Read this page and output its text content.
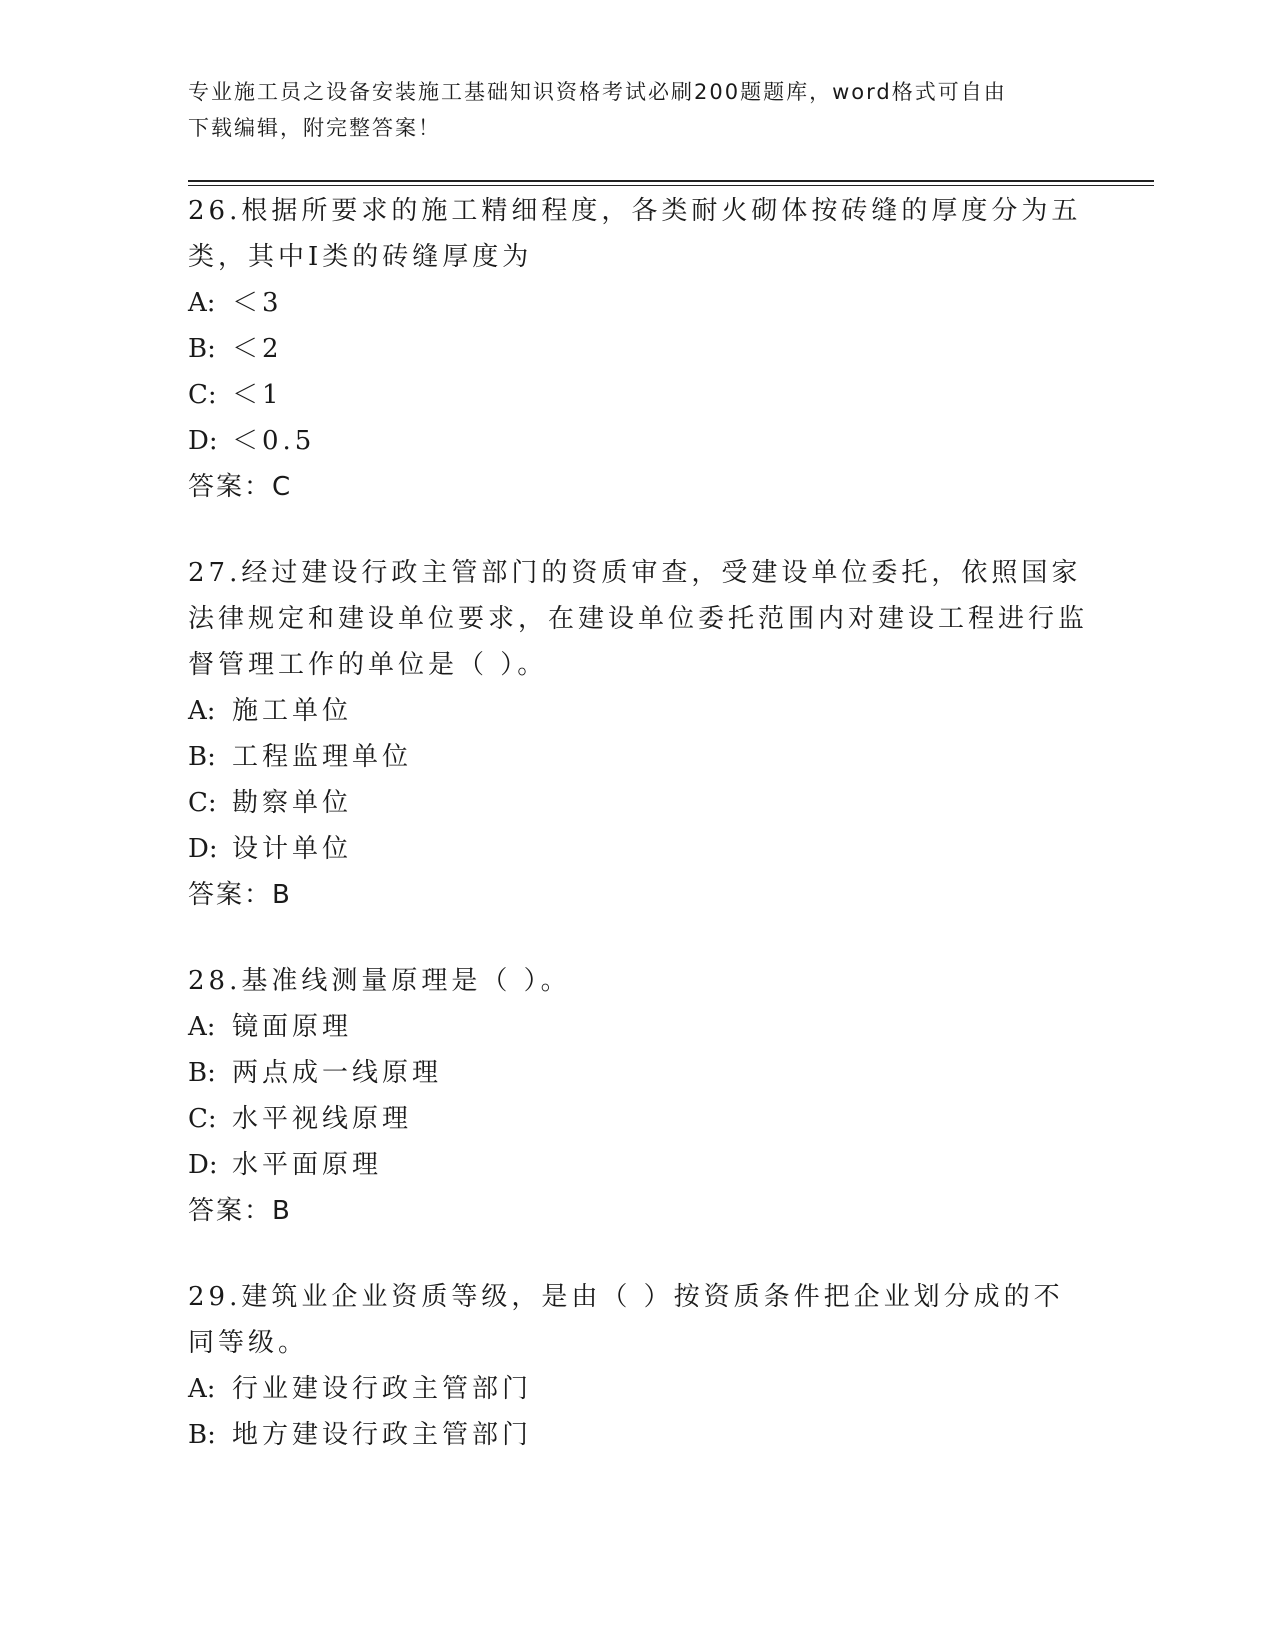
专业施工员之设备安装施工基础知识资格考试必刷200题题库，word格式可自由
下载编辑，附完整答案！
26.根据所要求的施工精细程度，各类耐火砌体按砖缝的厚度分为五类，其中Ⅰ类的砖缝厚度为
A: ＜3
B: ＜2
C: ＜1
D: ＜0.5
答案：C
27.经过建设行政主管部门的资质审查，受建设单位委托，依照国家法律规定和建设单位要求，在建设单位委托范围内对建设工程进行监督管理工作的单位是（ ）。
A: 施工单位
B: 工程监理单位
C: 勘察单位
D: 设计单位
答案：B
28.基准线测量原理是（ ）。
A: 镜面原理
B: 两点成一线原理
C: 水平视线原理
D: 水平面原理
答案：B
29.建筑业企业资质等级，是由（ ）按资质条件把企业划分成的不同等级。
A: 行业建设行政主管部门
B: 地方建设行政主管部门
